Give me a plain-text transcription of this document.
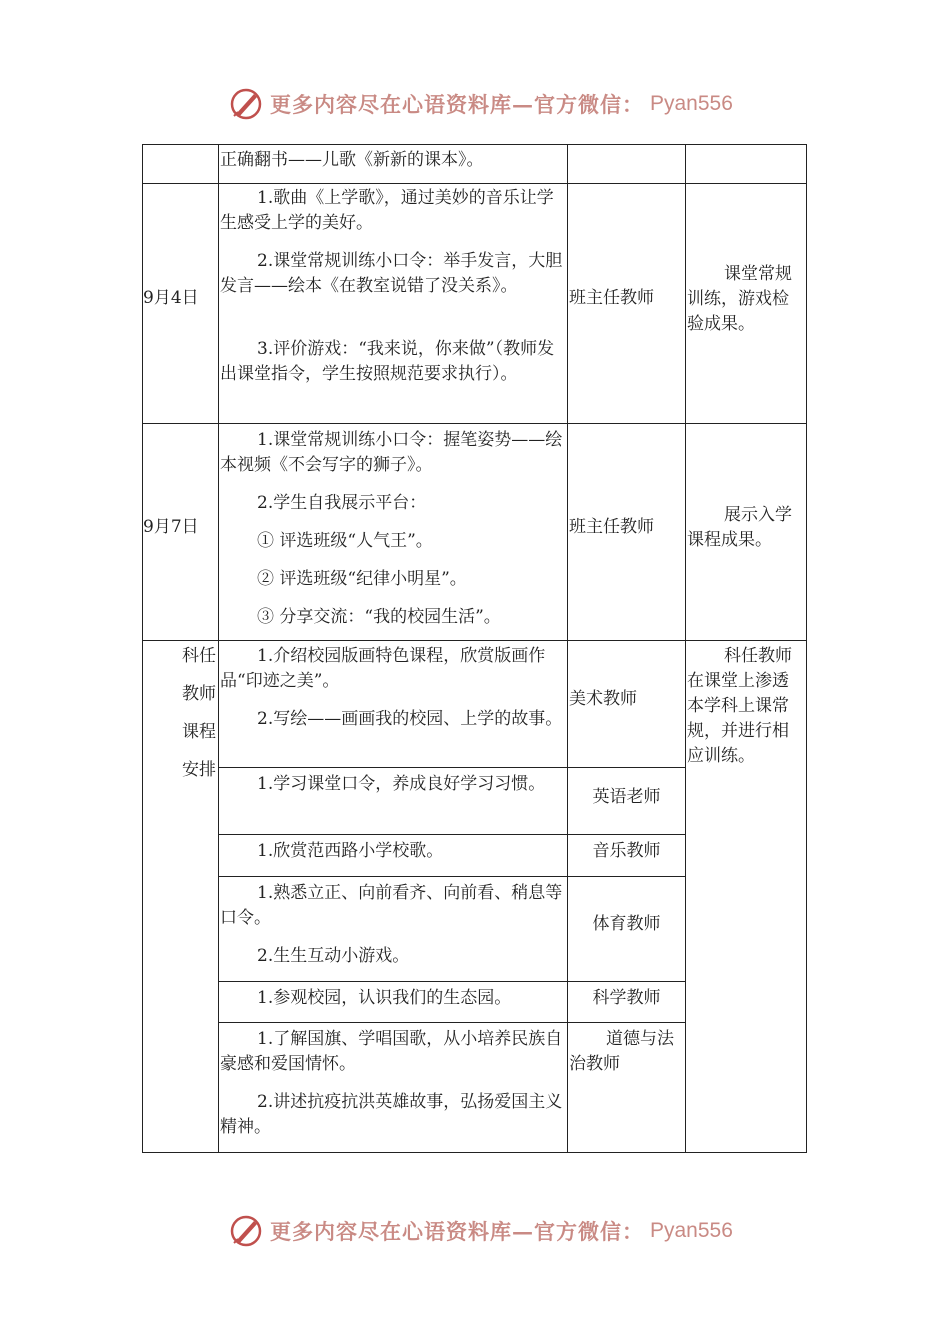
更多内容尽在心语资料库—官方微信： Pyan556
正确翻书——儿歌《新新的课本》。
9月4日
1.歌曲《上学歌》，通过美妙的音乐让学生感受上学的美好。
2.课堂常规训练小口令：举手发言，大胆发言——绘本《在教室说错了没关系》。
3.评价游戏：“我来说，你来做”（教师发出课堂指令，学生按照规范要求执行）。
班主任教师
课堂常规训练，游戏检验成果。
9月7日
1.课堂常规训练小口令：握笔姿势——绘本视频《不会写字的狮子》。
2.学生自我展示平台：
① 评选班级“人气王”。
② 评选班级“纪律小明星”。
③ 分享交流：“我的校园生活”。
班主任教师
展示入学课程成果。
科任
教师
课程
安排
科任教师在课堂上渗透本学科上课常规，并进行相应训练。
1.介绍校园版画特色课程，欣赏版画作品“印迹之美”。
2.写绘——画画我的校园、上学的故事。
美术教师
1.学习课堂口令，养成良好学习习惯。
英语老师
1.欣赏范西路小学校歌。	音乐教师
1.熟悉立正、向前看齐、向前看、稍息等口令。
2.生生互动小游戏。
体育教师
1.参观校园，认识我们的生态园。	科学教师
1.了解国旗、学唱国歌，从小培养民族自豪感和爱国情怀。
2.讲述抗疫抗洪英雄故事，弘扬爱国主义精神。
道德与法治教师
更多内容尽在心语资料库—官方微信： Pyan556
